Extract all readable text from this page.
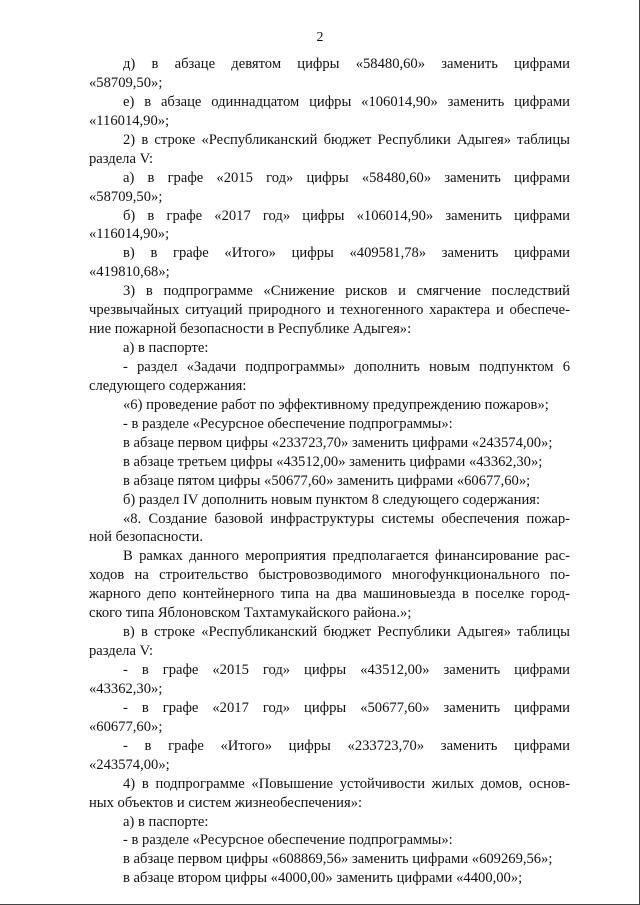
2
д) в абзаце девятом цифры «58480,60» заменить цифрами
«58709,50»;
е) в абзаце одиннадцатом цифры «106014,90» заменить цифрами
«116014,90»;
2) в строке «Республиканский бюджет Республики Адыгея» таблицы
раздела V:
а) в графе «2015 год» цифры «58480,60» заменить цифрами
«58709,50»;
б) в графе «2017 год» цифры «106014,90» заменить цифрами
«116014,90»;
в) в графе «Итого» цифры «409581,78» заменить цифрами
«419810,68»;
3) в подпрограмме «Снижение рисков и смягчение последствий
чрезвычайных ситуаций природного и техногенного характера и обеспече-
ние пожарной безопасности в Республике Адыгея»:
а) в паспорте:
- раздел «Задачи подпрограммы» дополнить новым подпунктом 6
следующего содержания:
«6) проведение работ по эффективному предупреждению пожаров»;
- в разделе «Ресурсное обеспечение подпрограммы»:
в абзаце первом цифры «233723,70» заменить цифрами «243574,00»;
в абзаце третьем цифры «43512,00» заменить цифрами «43362,30»;
в абзаце пятом цифры «50677,60» заменить цифрами «60677,60»;
б) раздел IV дополнить новым пунктом 8 следующего содержания:
«8. Создание базовой инфраструктуры системы обеспечения пожар-
ной безопасности.
В рамках данного мероприятия предполагается финансирование рас-
ходов на строительство быстровозводимого многофункционального по-
жарного депо контейнерного типа на два машиновыезда в поселке город-
ского типа Яблоновском Тахтамукайского района.»;
в) в строке «Республиканский бюджет Республики Адыгея» таблицы
раздела V:
- в графе «2015 год» цифры «43512,00» заменить цифрами
«43362,30»;
- в графе «2017 год» цифры «50677,60» заменить цифрами
«60677,60»;
- в графе «Итого» цифры «233723,70» заменить цифрами
«243574,00»;
4) в подпрограмме «Повышение устойчивости жилых домов, основ-
ных объектов и систем жизнеобеспечения»:
а) в паспорте:
- в разделе «Ресурсное обеспечение подпрограммы»:
в абзаце первом цифры «608869,56» заменить цифрами «609269,56»;
в абзаце втором цифры «4000,00» заменить цифрами «4400,00»;
